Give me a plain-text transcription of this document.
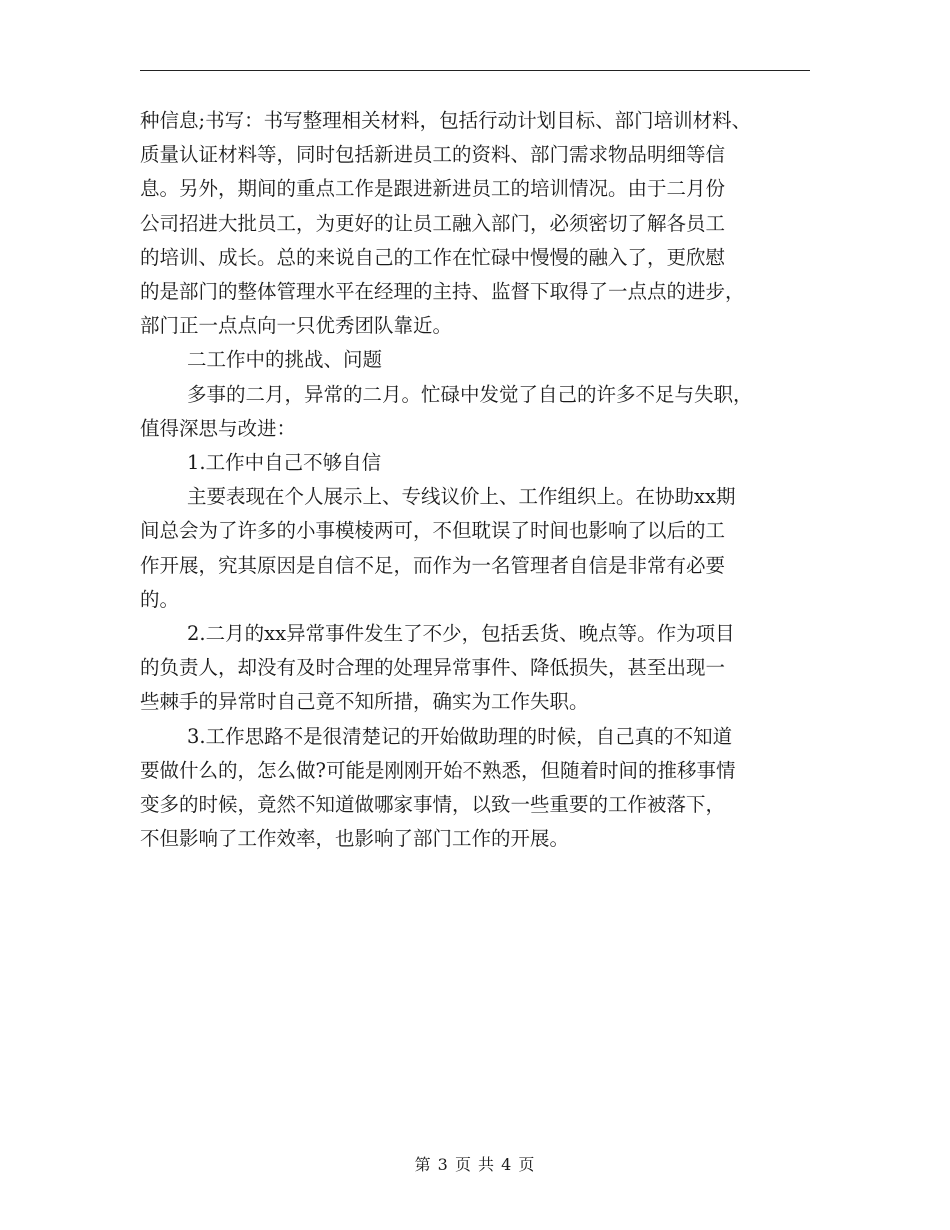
种信息;书写：书写整理相关材料，包括行动计划目标、部门培训材料、
质量认证材料等，同时包括新进员工的资料、部门需求物品明细等信
息。另外，期间的重点工作是跟进新进员工的培训情况。由于二月份
公司招进大批员工，为更好的让员工融入部门，必须密切了解各员工
的培训、成长。总的来说自己的工作在忙碌中慢慢的融入了，更欣慰
的是部门的整体管理水平在经理的主持、监督下取得了一点点的进步，
部门正一点点向一只优秀团队靠近。
二工作中的挑战、问题
多事的二月，异常的二月。忙碌中发觉了自己的许多不足与失职，
值得深思与改进：
1.工作中自己不够自信
主要表现在个人展示上、专线议价上、工作组织上。在协助xx期
间总会为了许多的小事模棱两可，不但耽误了时间也影响了以后的工
作开展，究其原因是自信不足，而作为一名管理者自信是非常有必要
的。
2.二月的xx异常事件发生了不少，包括丢货、晚点等。作为项目
的负责人，却没有及时合理的处理异常事件、降低损失，甚至出现一
些棘手的异常时自己竟不知所措，确实为工作失职。
3.工作思路不是很清楚记的开始做助理的时候，自己真的不知道
要做什么的，怎么做?可能是刚刚开始不熟悉，但随着时间的推移事情
变多的时候，竟然不知道做哪家事情，以致一些重要的工作被落下，
不但影响了工作效率，也影响了部门工作的开展。
第 3 页 共 4 页
